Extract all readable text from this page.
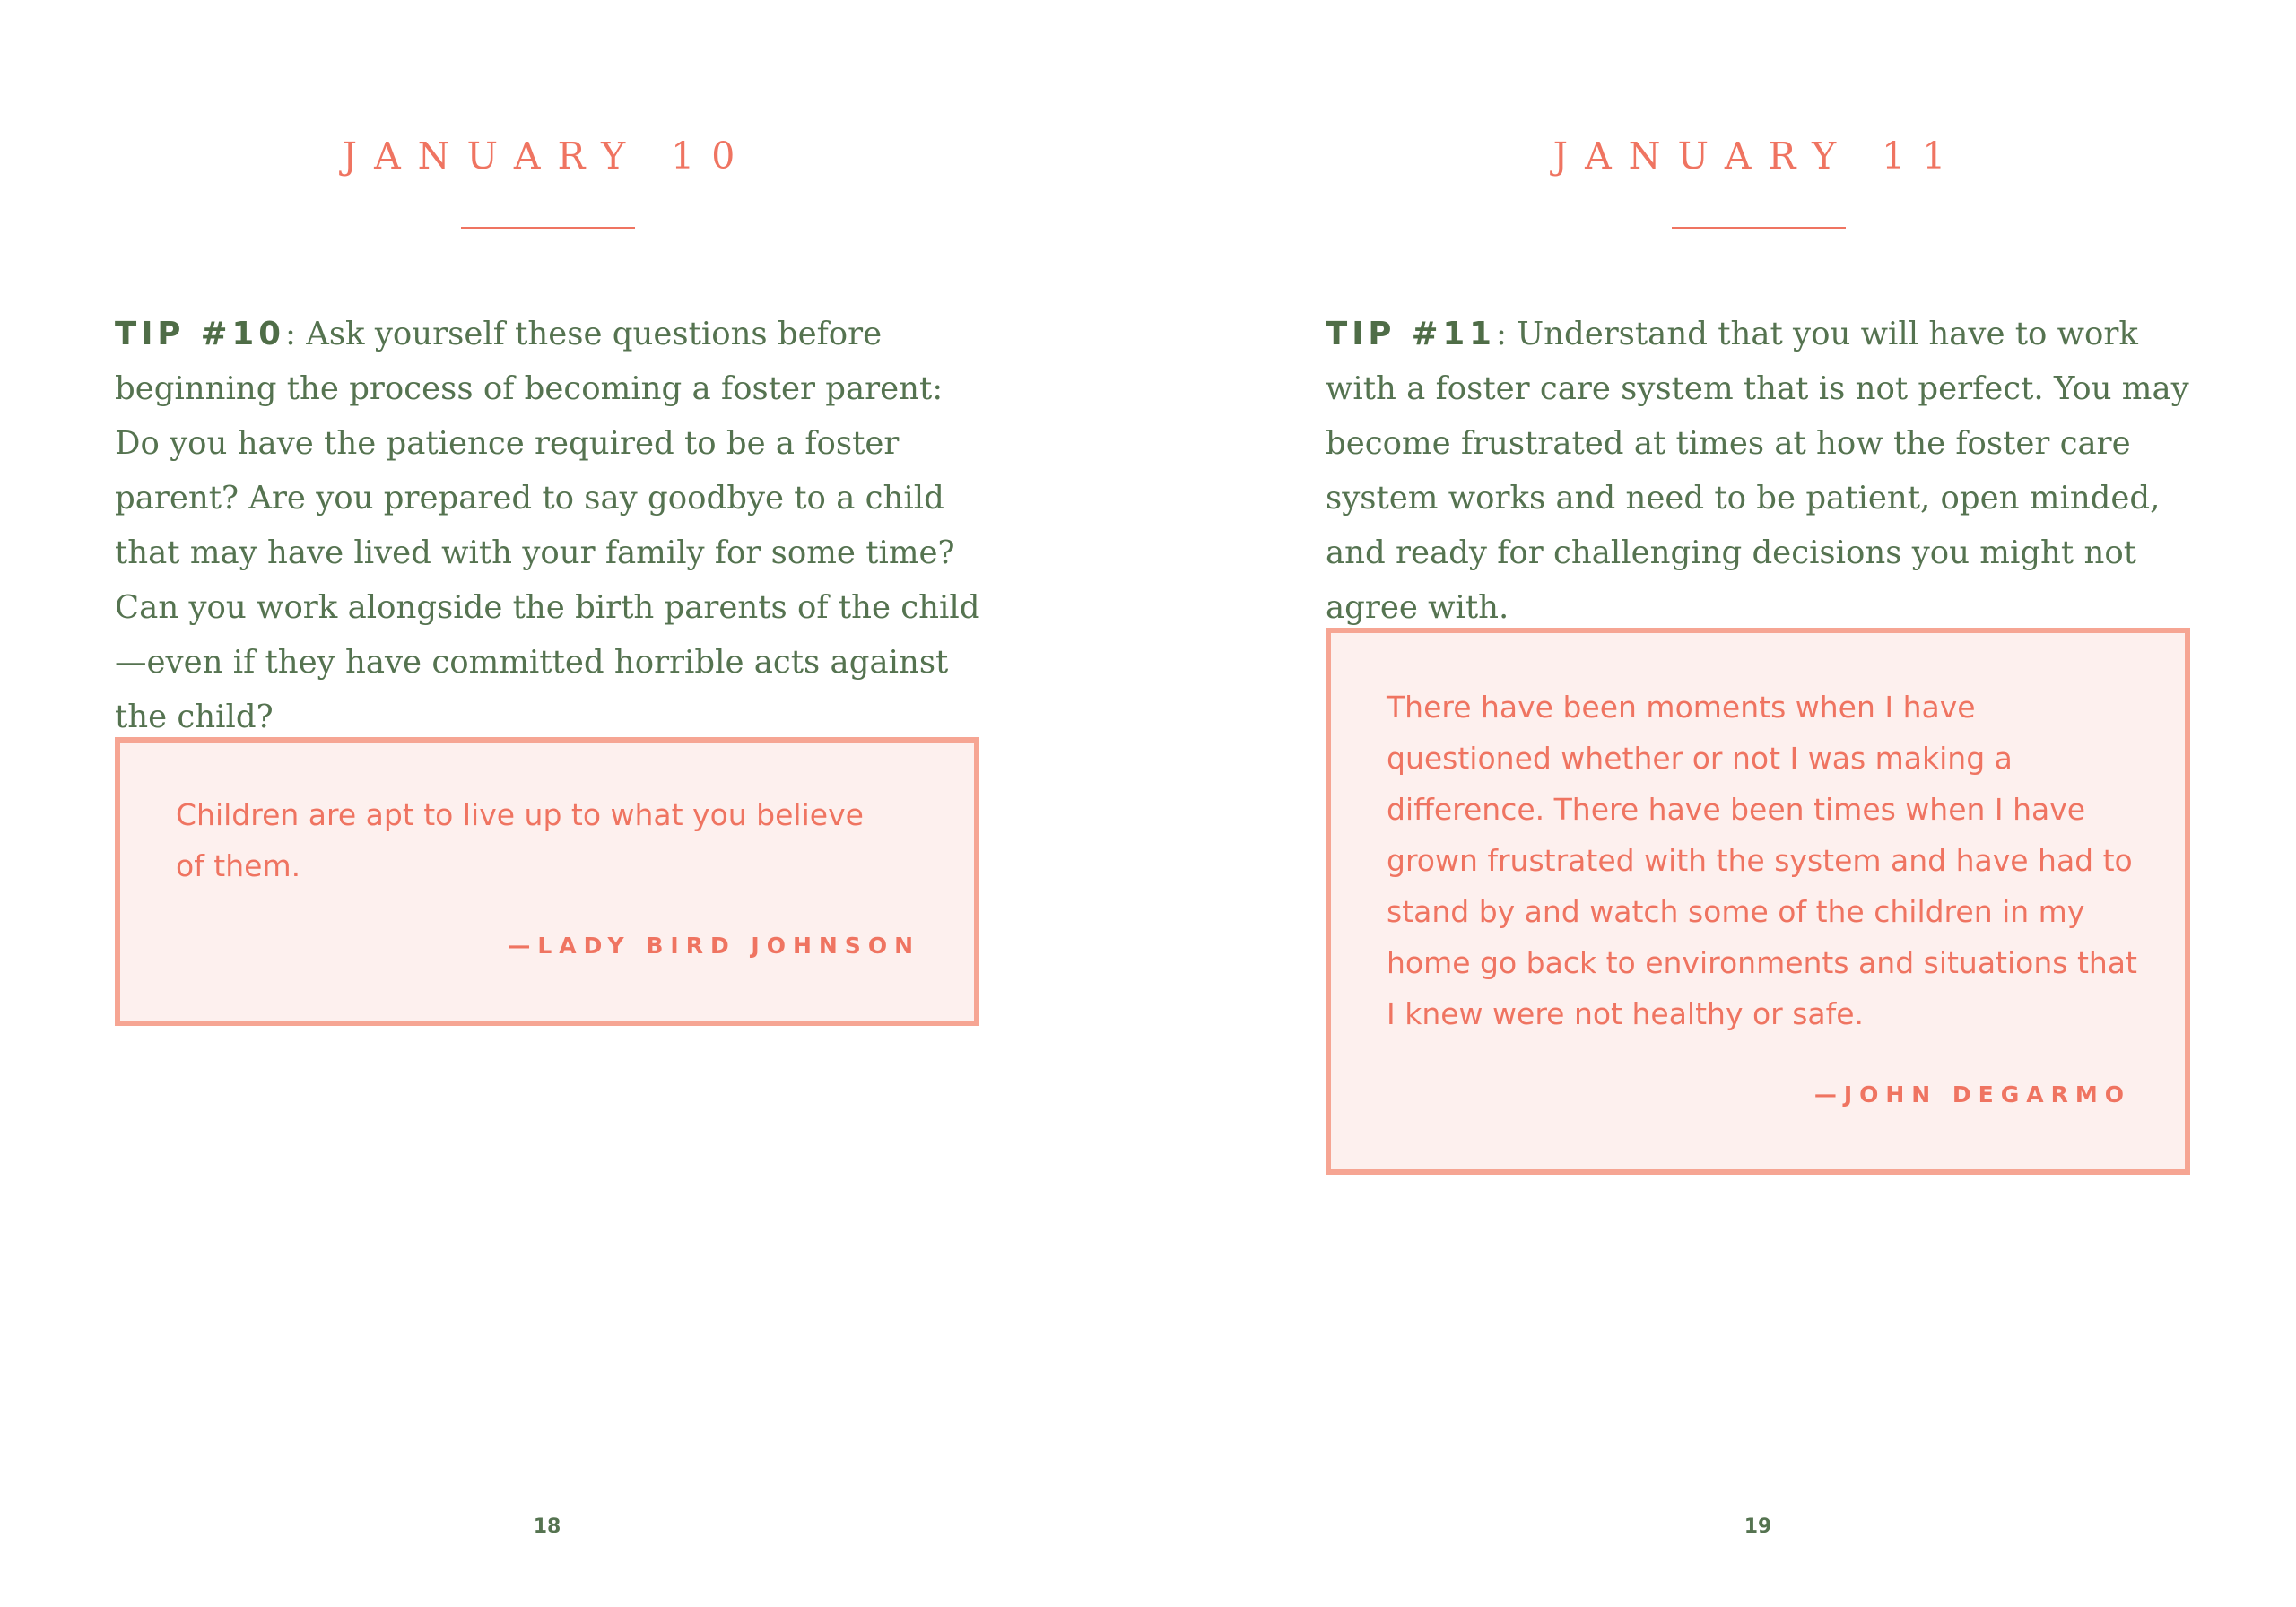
JANUARY 10
TIP #10: Ask yourself these questions before beginning the process of becoming a foster parent: Do you have the patience required to be a foster parent? Are you prepared to say goodbye to a child that may have lived with your family for some time? Can you work alongside the birth parents of the child—even if they have committed horrible acts against the child?
Children are apt to live up to what you believe of them.
—LADY BIRD JOHNSON
18
JANUARY 11
TIP #11: Understand that you will have to work with a foster care system that is not perfect. You may become frustrated at times at how the foster care system works and need to be patient, open minded, and ready for challenging decisions you might not agree with.
There have been moments when I have questioned whether or not I was making a difference. There have been times when I have grown frustrated with the system and have had to stand by and watch some of the children in my home go back to environments and situations that I knew were not healthy or safe.
—JOHN DEGARMO
19
